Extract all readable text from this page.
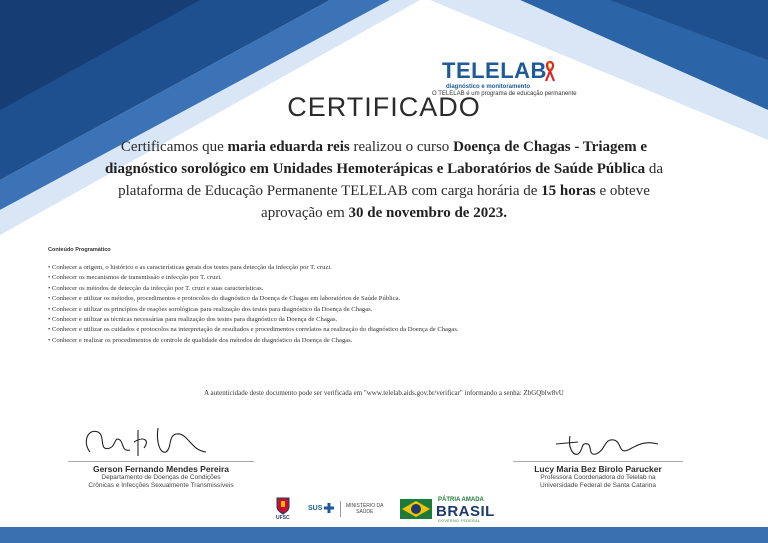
TELELAB
diagnóstico e monitoramento
O TELELAB é um programa de educação permanente
CERTIFICADO
Certificamos que maria eduarda reis realizou o curso Doença de Chagas - Triagem e diagnóstico sorológico em Unidades Hemoterápicas e Laboratórios de Saúde Pública da plataforma de Educação Permanente TELELAB com carga horária de 15 horas e obteve aprovação em 30 de novembro de 2023.
Conteúdo Programático
• Conhecer a origem, o histórico e as características gerais dos testes para detecção da infecção por T. cruzi.
• Conhecer os mecanismos de transmissão e infecção por T. cruzi.
• Conhecer os métodos de detecção da infecção por T. cruzi e suas características.
• Conhecer e utilizar os métodos, procedimentos e protocolos do diagnóstico da Doença de Chagas em laboratórios de Saúde Pública.
• Conhecer e utilizar os princípios de reações sorológicas para realização dos testes para diagnóstico da Doença de Chagas.
• Conhecer e utilizar as técnicas necessárias para realização dos testes para diagnóstico da Doença de Chagas.
• Conhecer e utilizar os cuidados e protocolos na interpretação de resultados e procedimentos correlatos na realização do diagnóstico da Doença de Chagas.
• Conhecer e realizar os procedimentos de controle de qualidade dos métodos de diagnóstico da Doença de Chagas.
A autenticidade deste documento pode ser verificada em "www.telelab.aids.gov.br/verificar" informando a senha: ZbGQblw8vU
Gerson Fernando Mendes Pereira
Departamento de Doenças de Condições
Crônicas e Infecções Sexualmente Transmissíveis
Lucy Maria Bez Birolo Parucker
Professora Coordenadora do Telelab na
Universidade Federal de Santa Catarina
UFSC
SUS	MINISTÉRIO DA
SAÚDE
PÁTRIA AMADA
BRASIL
GOVERNO FEDERAL
